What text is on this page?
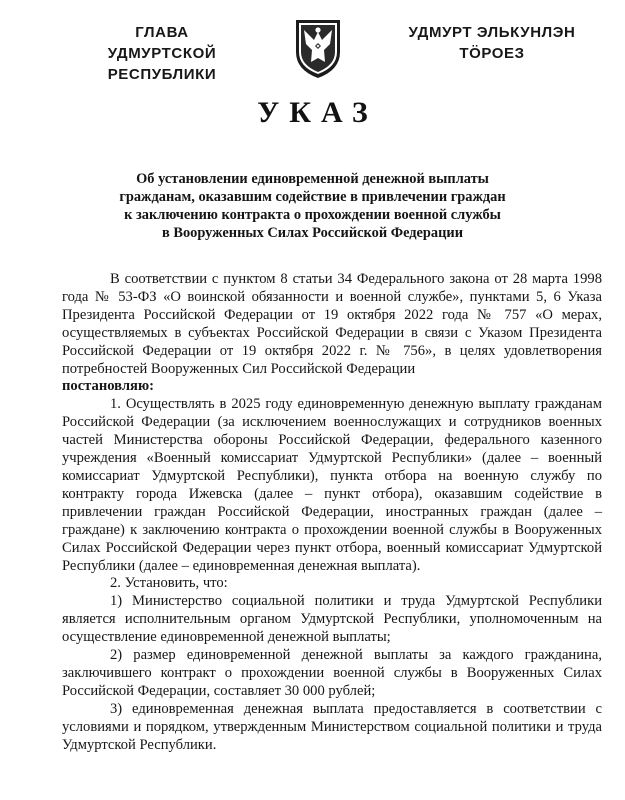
ГЛАВА
УДМУРТСКОЙ РЕСПУБЛИКИ
УДМУРТ ЭЛЬКУНЛЭН
ТÖРОЕЗ
УКАЗ
Об установлении единовременной денежной выплаты
гражданам, оказавшим содействие в привлечении граждан
к заключению контракта о прохождении военной службы
в Вооруженных Силах Российской Федерации

В соответствии с пунктом 8 статьи 34 Федерального закона от 28 марта 1998 года № 53-ФЗ «О воинской обязанности и военной службе», пунктами 5, 6 Указа Президента Российской Федерации от 19 октября 2022 года № 757 «О мерах, осуществляемых в субъектах Российской Федерации в связи с Указом Президента Российской Федерации от 19 октября 2022 г. № 756», в целях удовлетворения потребностей Вооруженных Сил Российской Федерации

постановляю:

1. Осуществлять в 2025 году единовременную денежную выплату гражданам Российской Федерации (за исключением военнослужащих и сотрудников военных частей Министерства обороны Российской Федерации, федерального казенного учреждения «Военный комиссариат Удмуртской Республики» (далее – военный комиссариат Удмуртской Республики), пункта отбора на военную службу по контракту города Ижевска (далее – пункт отбора), оказавшим содействие в привлечении граждан Российской Федерации, иностранных граждан (далее – граждане) к заключению контракта о прохождении военной службы в Вооруженных Силах Российской Федерации через пункт отбора, военный комиссариат Удмуртской Республики (далее – единовременная денежная выплата).

2. Установить, что:

1) Министерство социальной политики и труда Удмуртской Республики является исполнительным органом Удмуртской Республики, уполномоченным на осуществление единовременной денежной выплаты;

2) размер единовременной денежной выплаты за каждого гражданина, заключившего контракт о прохождении военной службы в Вооруженных Силах Российской Федерации, составляет 30 000 рублей;

3) единовременная денежная выплата предоставляется в соответствии с условиями и порядком, утвержденным Министерством социальной политики и труда Удмуртской Республики.
